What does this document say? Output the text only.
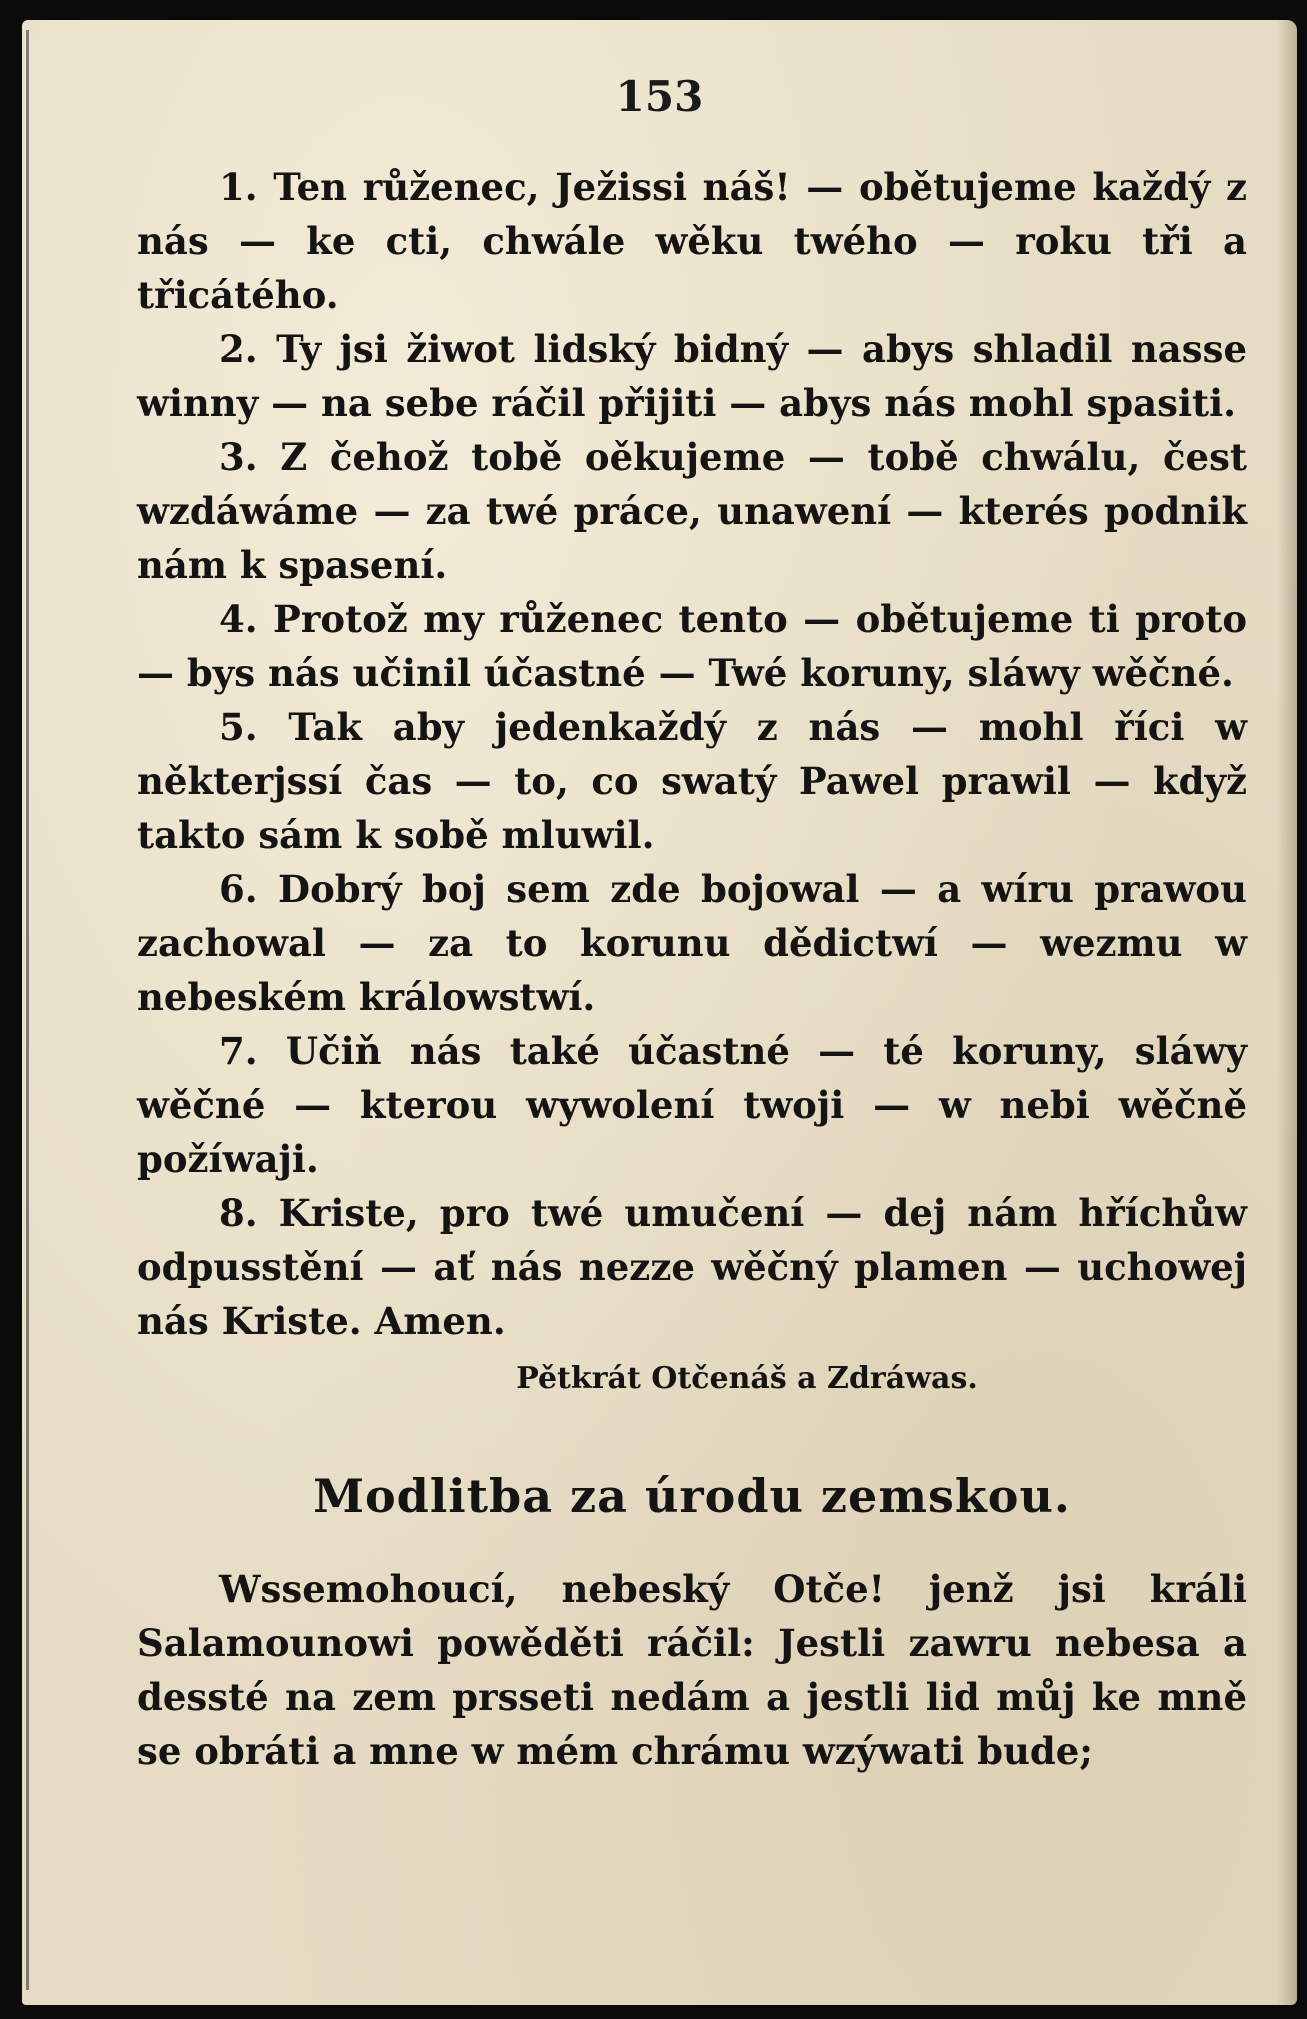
153

1. Ten růženec, Ježissi náš! — obětujeme každý z nás — ke cti, chwále wěku twého — roku tři a třicátého.

2. Ty jsi žiwot lidský bidný — abys shladil nasse winny — na sebe ráčil přijiti — abys nás mohl spasiti.

3. Z čehož tobě oěkujeme — tobě chwálu, čest wzdáwáme — za twé práce, unawení — kterés podnik nám k spasení.

4. Protož my růženec tento — obětujeme ti proto — bys nás učinil účastné — Twé koruny, sláwy wěčné.

5. Tak aby jedenkaždý z nás — mohl říci w některjssí čas — to, co swatý Pawel prawil — když takto sám k sobě mluwil.

6. Dobrý boj sem zde bojowal — a wíru prawou zachowal — za to korunu dědictwí — wezmu w nebeském králowstwí.

7. Učiň nás také účastné — té koruny, sláwy wěčné — kterou wywolení twoji — w nebi wěčně požíwaji.

8. Kriste, pro twé umučení — dej nám hříchůw odpusstění — ať nás nezze wěčný plamen — uchowej nás Kriste. Amen.

Pětkrát Otčenáš a Zdráwas.
Modlitba za úrodu zemskou.

Wssemohoucí, nebeský Otče! jenž jsi králi Salamounowi powěděti ráčil: Jestli zawru nebesa a dessté na zem prsseti nedám a jestli lid můj ke mně se obráti a mne w mém chrámu wzýwati bude;
